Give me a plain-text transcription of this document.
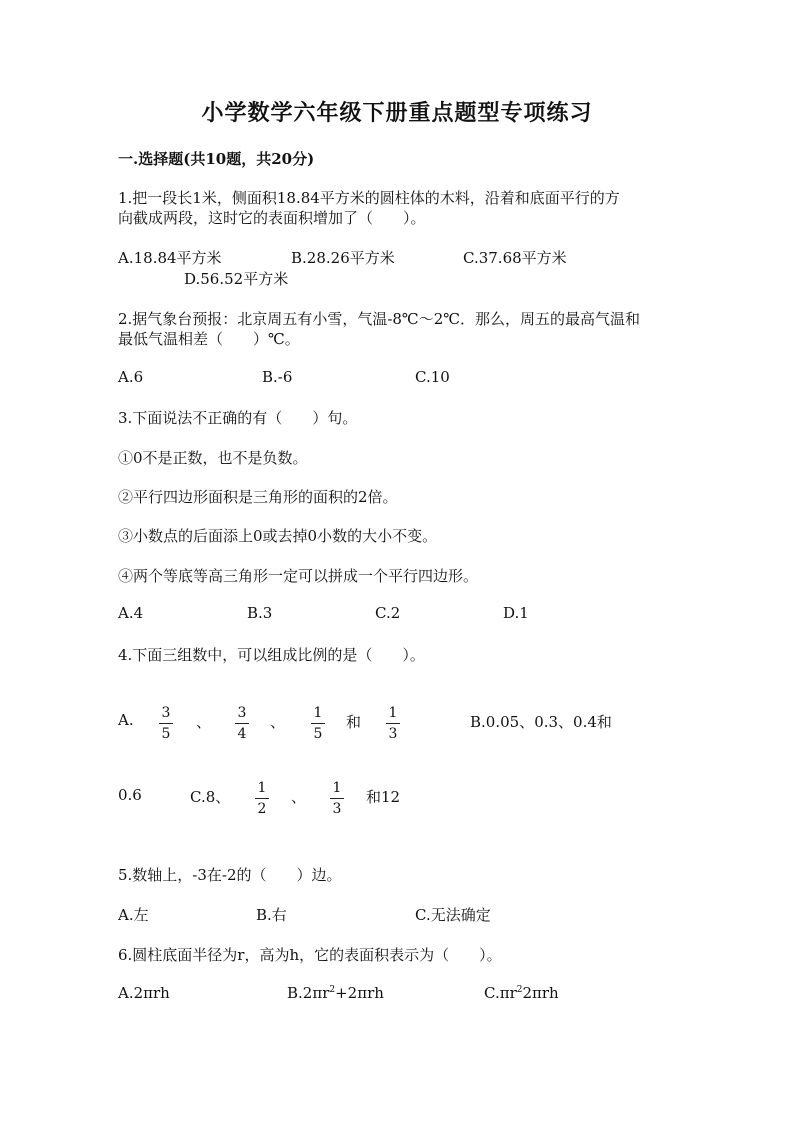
小学数学六年级下册重点题型专项练习
一.选择题(共10题，共20分)
1.把一段长1米，侧面积18.84平方米的圆柱体的木料，沿着和底面平行的方
向截成两段，这时它的表面积增加了（　　）。
A.18.84平方米	B.28.26平方米	C.37.68平方米
D.56.52平方米
2.据气象台预报：北京周五有小雪，气温-8℃～2℃．那么，周五的最高气温和
最低气温相差（　　）℃。
A.6	B.-6	C.10
3.下面说法不正确的有（　　）句。
①0不是正数，也不是负数。
②平行四边形面积是三角形的面积的2倍。
③小数点的后面添上0或去掉0小数的大小不变。
④两个等底等高三角形一定可以拼成一个平行四边形。
A.4	B.3	C.2	D.1
4.下面三组数中，可以组成比例的是（　　）。
A.	3
5
、	3
4
、	1
5
和	1
3
B.0.05、0.3、0.4和
0.6	C.8、	1
2
、	1
3
和12
5.数轴上，-3在-2的（　　）边。
A.左	B.右	C.无法确定
6.圆柱底面半径为r，高为h，它的表面积表示为（　　）。
A.2πrh	$B.2\pi r^2+2\pi rh$	$C.\pi r^22\pi rh$
